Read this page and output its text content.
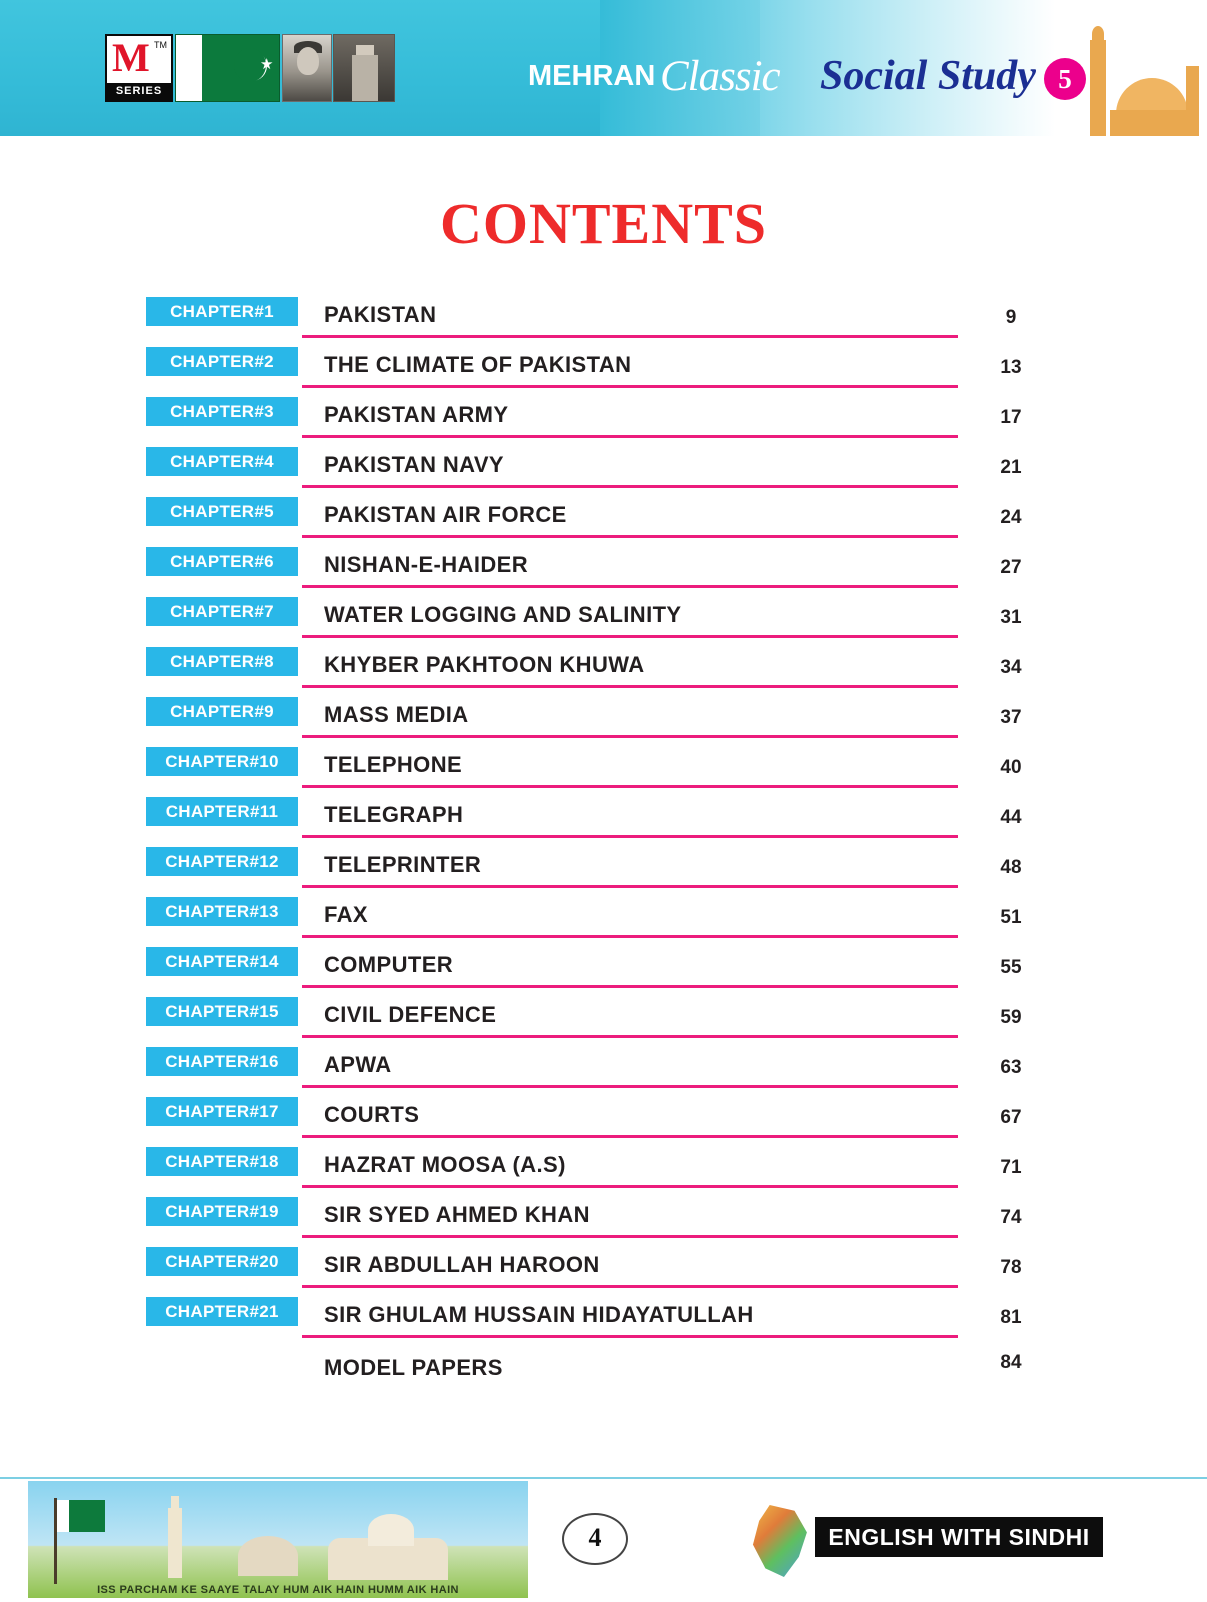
M TM
SERIES
★	MEHRAN Classic Social Study 5
CONTENTS
CHAPTER#1	PAKISTAN	9
CHAPTER#2	THE CLIMATE OF PAKISTAN	13
CHAPTER#3	PAKISTAN ARMY	17
CHAPTER#4	PAKISTAN NAVY	21
CHAPTER#5	PAKISTAN AIR FORCE	24
CHAPTER#6	NISHAN-E-HAIDER	27
CHAPTER#7	WATER LOGGING AND SALINITY	31
CHAPTER#8	KHYBER PAKHTOON KHUWA	34
CHAPTER#9	MASS MEDIA	37
CHAPTER#10	TELEPHONE	40
CHAPTER#11	TELEGRAPH	44
CHAPTER#12	TELEPRINTER	48
CHAPTER#13	FAX	51
CHAPTER#14	COMPUTER	55
CHAPTER#15	CIVIL DEFENCE	59
CHAPTER#16	APWA	63
CHAPTER#17	COURTS	67
CHAPTER#18	HAZRAT MOOSA (A.S)	71
CHAPTER#19	SIR SYED AHMED KHAN	74
CHAPTER#20	SIR ABDULLAH HAROON	78
CHAPTER#21	SIR GHULAM HUSSAIN HIDAYATULLAH	81
MODEL PAPERS	84
ISS PARCHAM KE SAAYE TALAY HUM AIK HAIN HUMM AIK HAIN
4	ENGLISH WITH SINDHI
